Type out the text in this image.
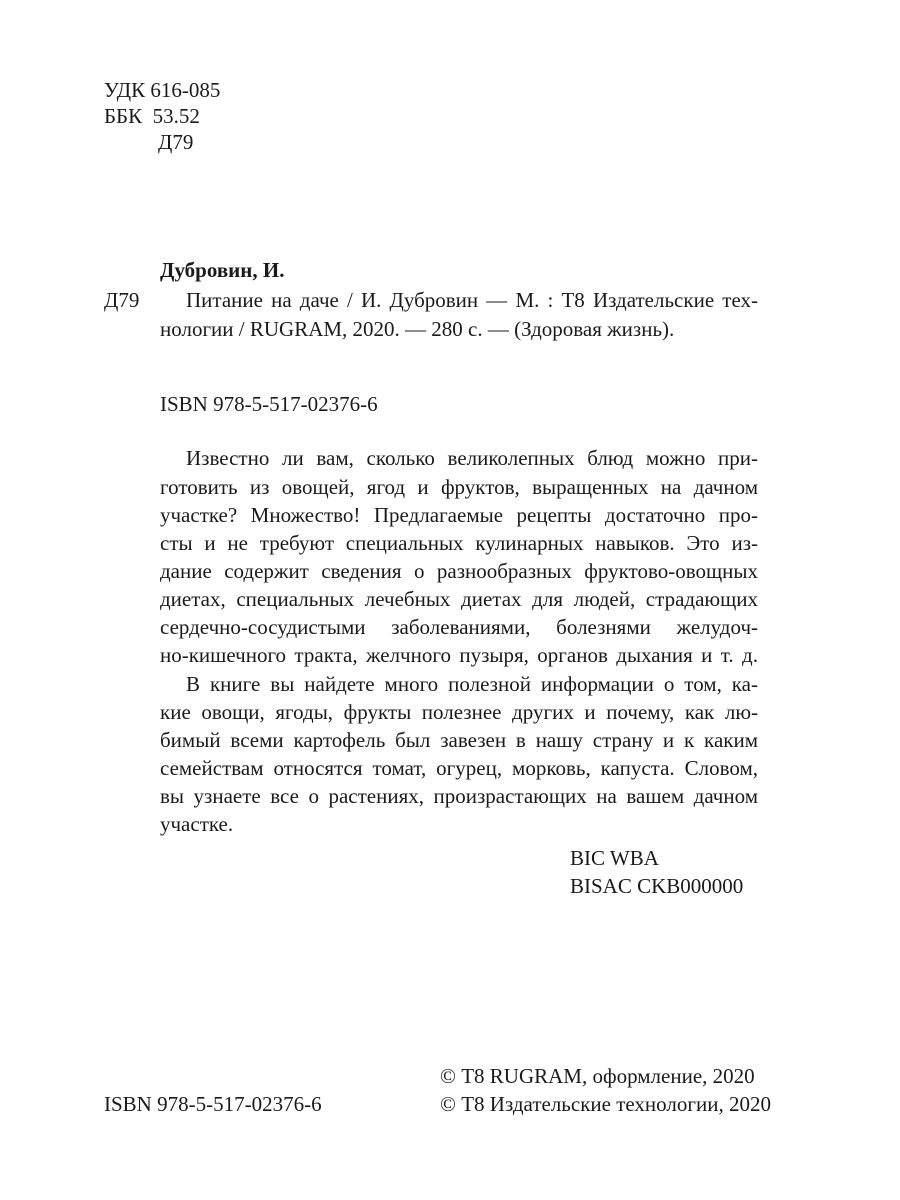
УДК 616-085
ББК 53.52
Д79
Дубровин, И.
Д79 Питание на даче / И. Дубровин — М. : Т8 Издательские тех-
нологии / RUGRAM, 2020. — 280 с. — (Здоровая жизнь).
ISBN 978-5-517-02376-6
Известно ли вам, сколько великолепных блюд можно при-
готовить из овощей, ягод и фруктов, выращенных на дачном
участке? Множество! Предлагаемые рецепты достаточно про-
сты и не требуют специальных кулинарных навыков. Это из-
дание содержит сведения о разнообразных фруктово-овощных
диетах, специальных лечебных диетах для людей, страдающих
сердечно-сосудистыми заболеваниями, болезнями желудоч-
но-кишечного тракта, желчного пузыря, органов дыхания и т. д.
В книге вы найдете много полезной информации о том, ка-
кие овощи, ягоды, фрукты полезнее других и почему, как лю-
бимый всеми картофель был завезен в нашу страну и к каким
семействам относятся томат, огурец, морковь, капуста. Словом,
вы узнаете все о растениях, произрастающих на вашем дачном
участке.
BIC WBA
BISAC CKB000000
ISBN 978-5-517-02376-6
© Т8 RUGRAM, оформление, 2020
© Т8 Издательские технологии, 2020
